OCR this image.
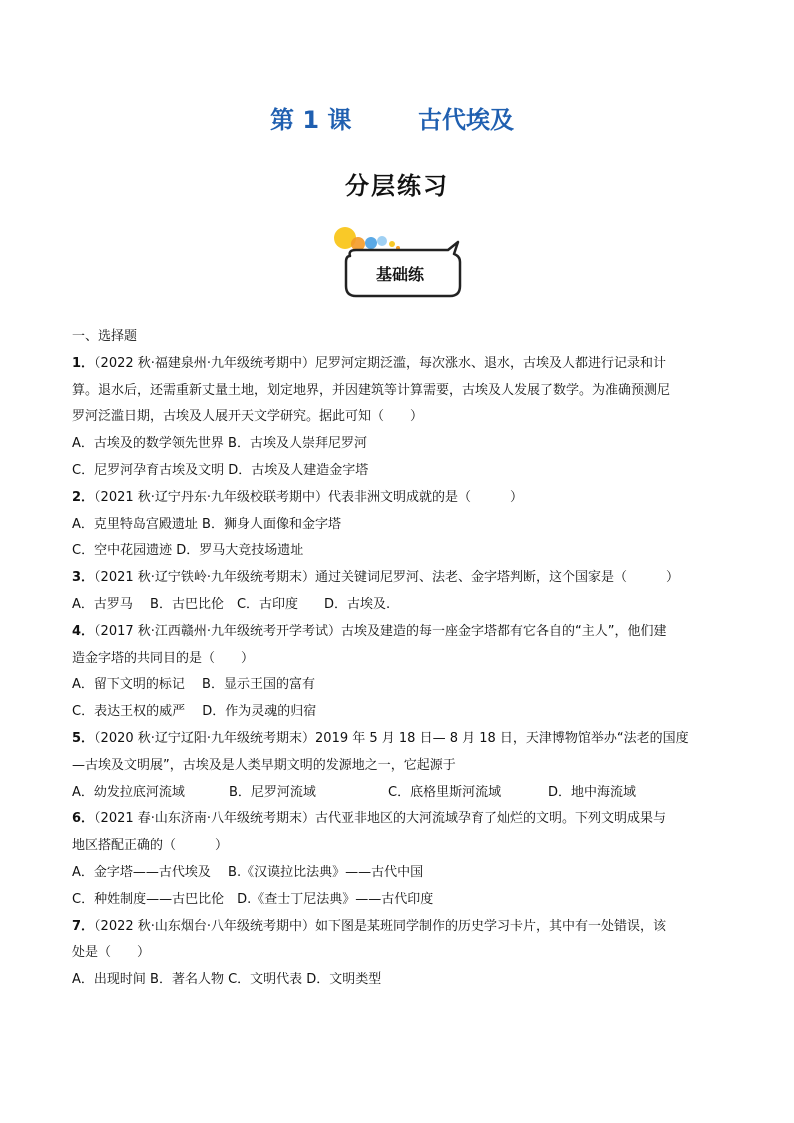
第 1 课	古代埃及
分层练习
基础练

一、选择题

1．（2022 秋·福建泉州·九年级统考期中）尼罗河定期泛滥，每次涨水、退水，古埃及人都进行记录和计

算。退水后，还需重新丈量土地，划定地界，并因建筑等计算需要，古埃及人发展了数学。为准确预测尼

罗河泛滥日期，古埃及人展开天文学研究。据此可知（　　）

A．古埃及的数学领先世界 B．古埃及人崇拜尼罗河

C．尼罗河孕育古埃及文明 D．古埃及人建造金字塔

2．（2021 秋·辽宁丹东·九年级校联考期中）代表非洲文明成就的是（　　　）

A．克里特岛宫殿遗址 B．狮身人面像和金字塔

C．空中花园遗迹 D．罗马大竞技场遗址

3．（2021 秋·辽宁铁岭·九年级统考期末）通过关键词尼罗河、法老、金字塔判断，这个国家是（　　　）

A．古罗马　 B．古巴比伦　C．古印度　　D．古埃及.

4．（2017 秋·江西赣州·九年级统考开学考试）古埃及建造的每一座金字塔都有它各自的“主人”，他们建

造金字塔的共同目的是（　　）

A．留下文明的标记　 B．显示王国的富有

C．表达王权的威严　 D．作为灵魂的归宿

5．（2020 秋·辽宁辽阳·九年级统考期末）2019 年 5 月 18 日— 8 月 18 日，天津博物馆举办“法老的国度

—古埃及文明展”，古埃及是人类早期文明的发源地之一，它起源于

A．幼发拉底河流域	B．尼罗河流域	C．底格里斯河流域	D．地中海流域

6．（2021 春·山东济南·八年级统考期末）古代亚非地区的大河流域孕育了灿烂的文明。下列文明成果与

地区搭配正确的（　　　）

A．金字塔——古代埃及　 B.《汉谟拉比法典》——古代中国

C．种姓制度——古巴比伦　D.《查士丁尼法典》——古代印度

7．（2022 秋·山东烟台·八年级统考期中）如下图是某班同学制作的历史学习卡片，其中有一处错误，该

处是（　　）

A．出现时间 B．著名人物 C．文明代表 D．文明类型
